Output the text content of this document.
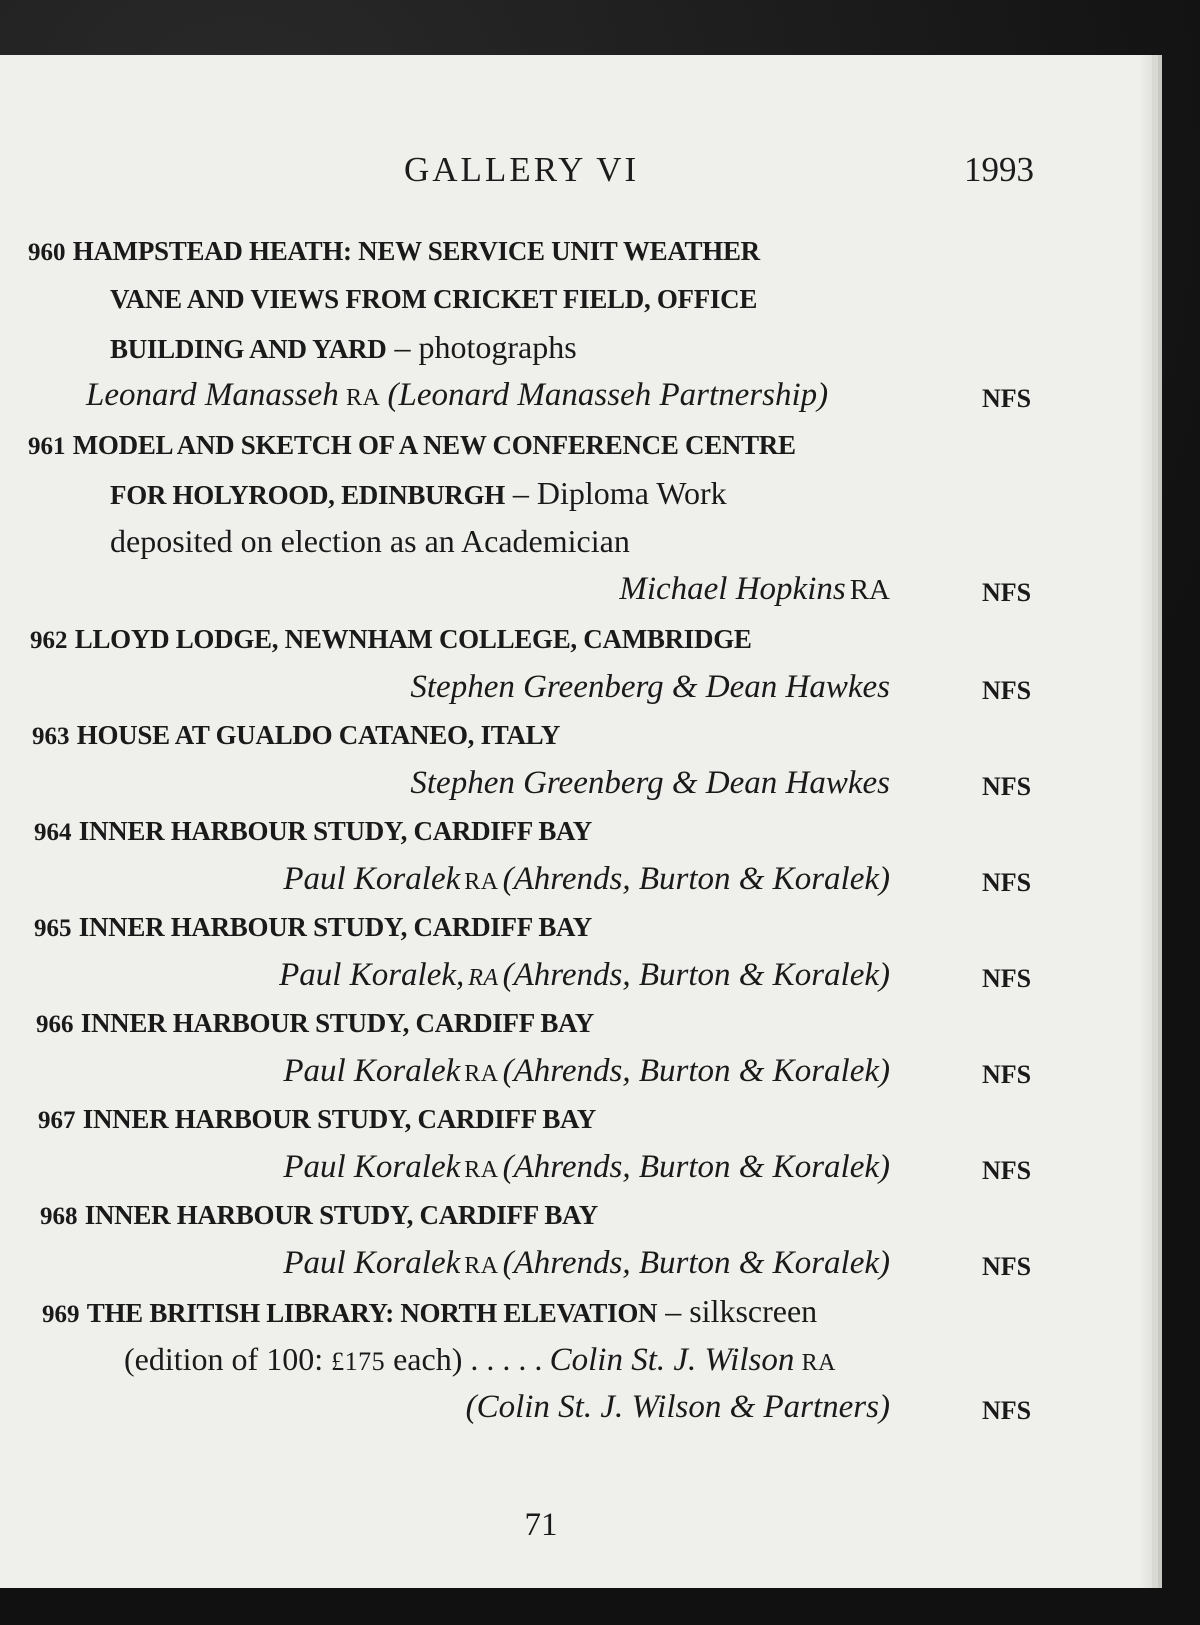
GALLERY VI	1993
960 HAMPSTEAD HEATH: NEW SERVICE UNIT WEATHER
VANE AND VIEWS FROM CRICKET FIELD, OFFICE
BUILDING AND YARD – photographs
Leonard Manasseh RA (Leonard Manasseh Partnership)	NFS
961 MODEL AND SKETCH OF A NEW CONFERENCE CENTRE
FOR HOLYROOD, EDINBURGH – Diploma Work
deposited on election as an Academician
Michael Hopkins RA	NFS
962 LLOYD LODGE, NEWNHAM COLLEGE, CAMBRIDGE
Stephen Greenberg & Dean Hawkes	NFS
963 HOUSE AT GUALDO CATANEO, ITALY
Stephen Greenberg & Dean Hawkes	NFS
964 INNER HARBOUR STUDY, CARDIFF BAY
Paul Koralek RA (Ahrends, Burton & Koralek)	NFS
965 INNER HARBOUR STUDY, CARDIFF BAY
Paul Koralek, RA (Ahrends, Burton & Koralek)	NFS
966 INNER HARBOUR STUDY, CARDIFF BAY
Paul Koralek RA (Ahrends, Burton & Koralek)	NFS
967 INNER HARBOUR STUDY, CARDIFF BAY
Paul Koralek RA (Ahrends, Burton & Koralek)	NFS
968 INNER HARBOUR STUDY, CARDIFF BAY
Paul Koralek RA (Ahrends, Burton & Koralek)	NFS
969 THE BRITISH LIBRARY: NORTH ELEVATION – silkscreen
(edition of 100: £175 each) . . . . . Colin St. J. Wilson RA
(Colin St. J. Wilson & Partners)	NFS
71
